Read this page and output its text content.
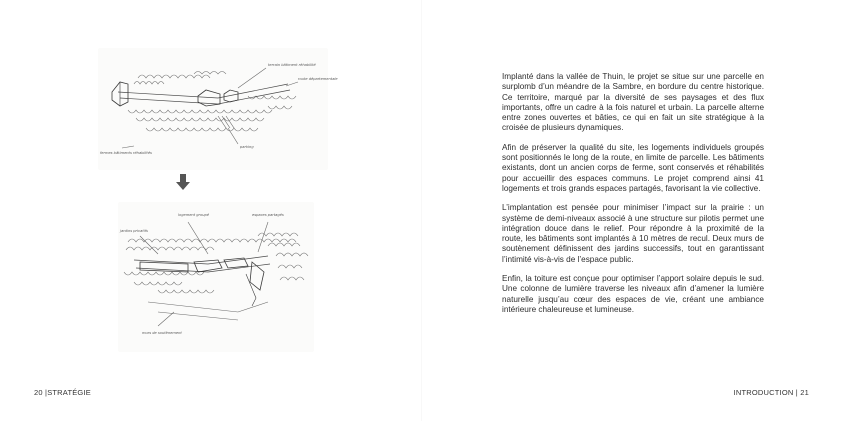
terrain bâtiment réhabilité
route départementale
parking
fermes bâtiments réhabilités
logement groupé
jardins privatifs
espaces partagés
murs de soutènement
20 |STRATÉGIE

Implanté dans la vallée de Thuin, le projet se situe sur une parcelle en surplomb d’un méandre de la Sambre, en bordure du centre historique. Ce territoire, marqué par la diversité de ses paysages et des flux importants, offre un cadre à la fois naturel et urbain. La parcelle alterne entre zones ouvertes et bâties, ce qui en fait un site stratégique à la croisée de plusieurs dynamiques.

Afin de préserver la qualité du site, les logements individuels groupés sont positionnés le long de la route, en limite de parcelle. Les bâtiments existants, dont un ancien corps de ferme, sont conservés et réhabilités pour accueillir des espaces communs. Le projet comprend ainsi 41 logements et trois grands espaces partagés, favorisant la vie collective.

L’implantation est pensée pour minimiser l’impact sur la prairie : un système de demi-niveaux associé à une structure sur pilotis permet une intégration douce dans le relief. Pour répondre à la proximité de la route, les bâtiments sont implantés à 10 mètres de recul. Deux murs de soutènement définissent des jardins successifs, tout en garantissant l’intimité vis-à-vis de l’espace public.

Enfin, la toiture est conçue pour optimiser l’apport solaire depuis le sud. Une colonne de lumière traverse les niveaux afin d’amener la lumière naturelle jusqu’au cœur des espaces de vie, créant une ambiance intérieure chaleureuse et lumineuse.

INTRODUCTION | 21
